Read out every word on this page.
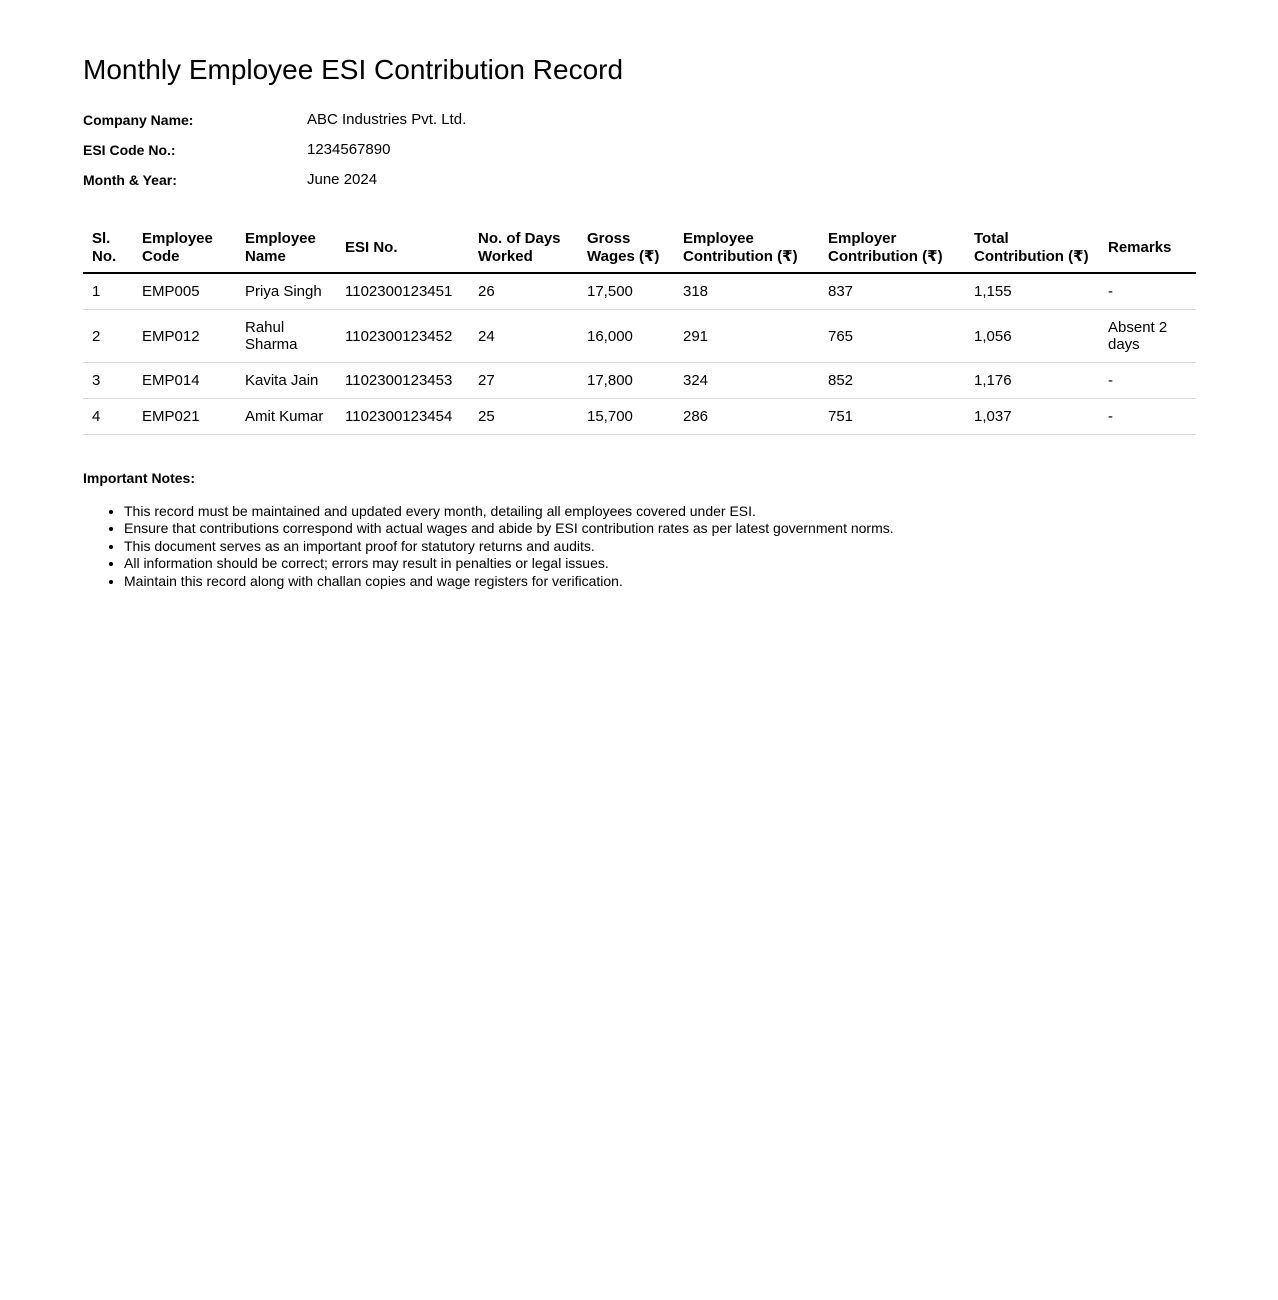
Monthly Employee ESI Contribution Record
Company Name:	ABC Industries Pvt. Ltd.
ESI Code No.:	1234567890
Month & Year:	June 2024
Sl. No.	Employee Code	Employee Name	ESI No.	No. of Days Worked	Gross Wages (₹)	Employee Contribution (₹)	Employer Contribution (₹)	Total Contribution (₹)	Remarks
1	EMP005	Priya Singh	1102300123451	26	17,500	318	837	1,155	-
2	EMP012	Rahul Sharma	1102300123452	24	16,000	291	765	1,056	Absent 2 days
3	EMP014	Kavita Jain	1102300123453	27	17,800	324	852	1,176	-
4	EMP021	Amit Kumar	1102300123454	25	15,700	286	751	1,037	-

Important Notes:

• This record must be maintained and updated every month, detailing all employees covered under ESI.
• Ensure that contributions correspond with actual wages and abide by ESI contribution rates as per latest government norms.
• This document serves as an important proof for statutory returns and audits.
• All information should be correct; errors may result in penalties or legal issues.
• Maintain this record along with challan copies and wage registers for verification.
